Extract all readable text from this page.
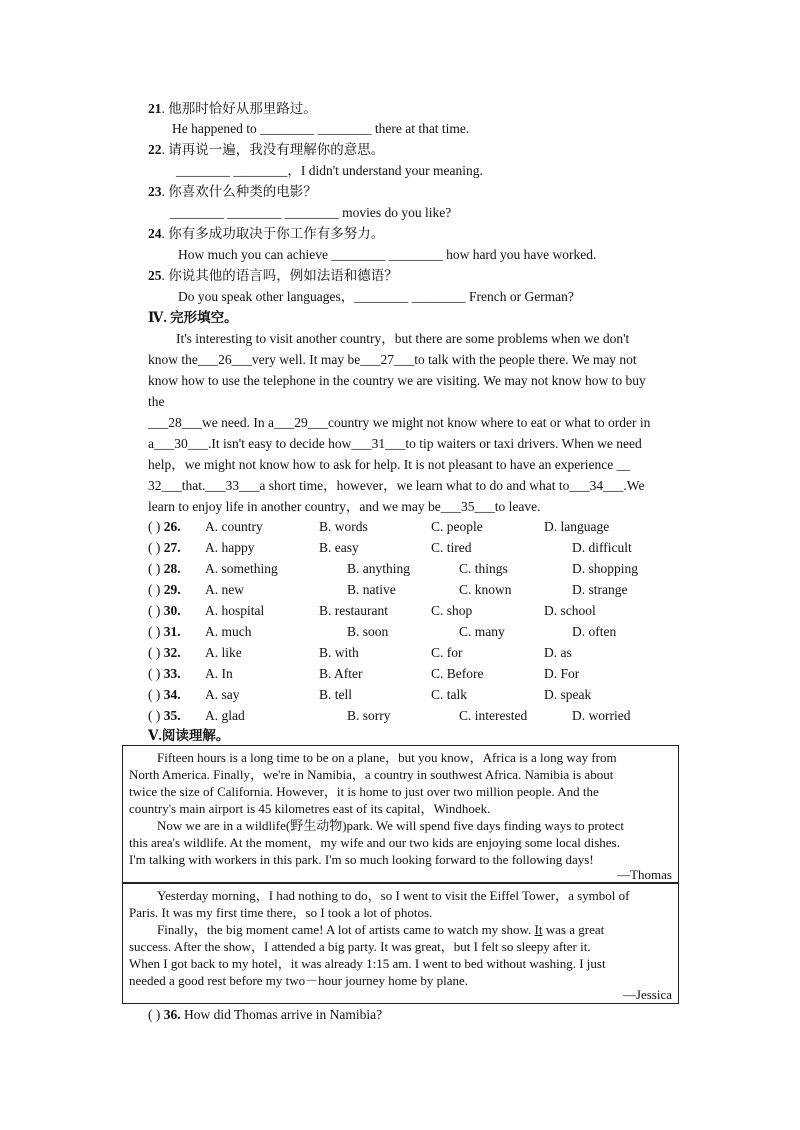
21. 他那时恰好从那里路过。
He happened to ________ ________ there at that time.
22. 请再说一遍，我没有理解你的意思。
________ ________，I didn't understand your meaning.
23. 你喜欢什么种类的电影？
________ ________ ________ movies do you like?
24. 你有多成功取决于你工作有多努力。
How much you can achieve ________ ________ how hard you have worked.
25. 你说其他的语言吗，例如法语和德语？
Do you speak other languages，________ ________ French or German?
Ⅳ. 完形填空。
It's interesting to visit another country，but there are some problems when we don't
know the___26___very well. It may be___27___to talk with the people there. We may not
know how to use the telephone in the country we are visiting. We may not know how to buy
the
___28___we need. In a___29___country we might not know where to eat or what to order in
a___30___.It isn't easy to decide how___31___to tip waiters or taxi drivers. When we need
help，we might not know how to ask for help. It is not pleasant to have an experience __
32___that.___33___a short time，however，we learn what to do and what to___34___.We
learn to enjoy life in another country，and we may be___35___to leave.
( ) 26. A. country	B. words	C. people	D. language
( ) 27. A. happy	B. easy	C. tired	D. difficult
( ) 28. A. something	B. anything	C. things	D. shopping
( ) 29. A. new	B. native	C. known	D. strange
( ) 30. A. hospital	B. restaurant	C. shop	D. school
( ) 31. A. much	B. soon	C. many	D. often
( ) 32. A. like	B. with	C. for	D. as
( ) 33. A. In	B. After	C. Before	D. For
( ) 34. A. say	B. tell	C. talk	D. speak
( ) 35. A. glad	B. sorry	C. interested	D. worried
Ⅴ.阅读理解。
Fifteen hours is a long time to be on a plane，but you know，Africa is a long way from
North America. Finally，we're in Namibia，a country in southwest Africa. Namibia is about
twice the size of California. However，it is home to just over two million people. And the
country's main airport is 45 kilometres east of its capital，Windhoek.
Now we are in a wildlife(野生动物)park. We will spend five days finding ways to protect
this area's wildlife. At the moment，my wife and our two kids are enjoying some local dishes.
I'm talking with workers in this park. I'm so much looking forward to the following days!
—Thomas
Yesterday morning，I had nothing to do，so I went to visit the Eiffel Tower，a symbol of
Paris. It was my first time there，so I took a lot of photos.
Finally，the big moment came! A lot of artists came to watch my show. It was a great
success. After the show，I attended a big party. It was great，but I felt so sleepy after it.
When I got back to my hotel，it was already 1:15 am. I went to bed without washing. I just
needed a good rest before my two－hour journey home by plane.
—Jessica
( ) 36. How did Thomas arrive in Namibia?
